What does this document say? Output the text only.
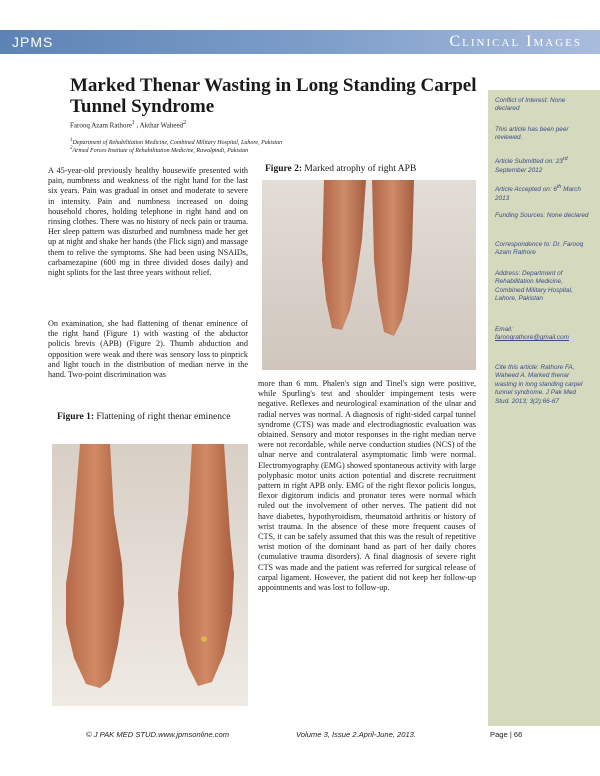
JPMS	Clinical Images
Conflict of Interest: None declared
This article has been peer reviewed.
Article Submitted on: 23rd September 2012
Article Accepted on: 6th March 2013
Funding Sources: None declared
Correspondence to: Dr. Farooq Azam Rathore
Address: Department of Rehabilitation Medicine, Combined Military Hospital, Lahore, Pakistan
Email:
farooqrathore@gmail.com
Cite this article: Rathore FA, Waheed A. Marked thenar wasting in long standing carpel tunnel syndrome. J Pak Med Stud. 2013; 3(2):66-67
Marked Thenar Wasting in Long Standing Carpel Tunnel Syndrome
Farooq Azam Rathore$^1$ , Akthar Waheed$^2$
$^1$Department of Rehabilitation Medicine, Combined Military Hospital, Lahore, Pakistan
$^2$Armed Forces Institute of Rehabilitation Medicine, Rawalpindi, Pakistan
A 45-year-old previously healthy housewife presented with pain, numbness and weakness of the right hand for the last six years. Pain was gradual in onset and moderate to severe in intensity. Pain and numbness increased on doing household chores, holding telephone in right hand and on rinsing clothes. There was no history of neck pain or trauma. Her sleep pattern was disturbed and numbness made her get up at night and shake her hands (the Flick sign) and massage them to relive the symptoms. She had been using NSAIDs, carbamezapine (600 mg in three divided doses daily) and night splints for the last three years without relief.
On examination, she had flattening of thenar eminence of the right hand (Figure 1) with wasting of the abductor policis brevis (APB) (Figure 2). Thumb abduction and opposition were weak and there was sensory loss to pinprick and light touch in the distribution of median nerve in the hand. Two-point discrimination was
Figure 1: Flattening of right thenar eminence
Figure 2: Marked atrophy of right APB
more than 6 mm. Phalen's sign and Tinel's sign were positive, while Spurling's test and shoulder impingement tests were negative. Reflexes and neurological examination of the ulnar and radial nerves was normal. A diagnosis of right-sided carpal tunnel syndrome (CTS) was made and electrodiagnostic evaluation was obtained. Sensory and motor responses in the right median nerve were not recordable, while nerve conduction studies (NCS) of the ulnar nerve and contralateral asymptomatic limb were normal. Electromyography (EMG) showed spontaneous activity with large polyphasic motor units action potential and discrete recruitment pattern in right APB only. EMG of the right flexor policis longus, flexor digitorum indicis and pronator teres were normal which ruled out the involvement of other nerves. The patient did not have diabetes, hypothyroidism, rheumatoid arthritis or history of wrist trauma. In the absence of these more frequent causes of CTS, it can be safely assumed that this was the result of repetitive wrist motion of the dominant hand as part of her daily chores (cumulative trauma disorders). A final diagnosis of severe right CTS was made and the patient was referred for surgical release of carpal ligament. However, the patient did not keep her follow-up appointments and was lost to follow-up.
© J PAK MED STUD.www.jpmsonline.com	Volume 3, Issue 2.April-June, 2013.	Page | 66
